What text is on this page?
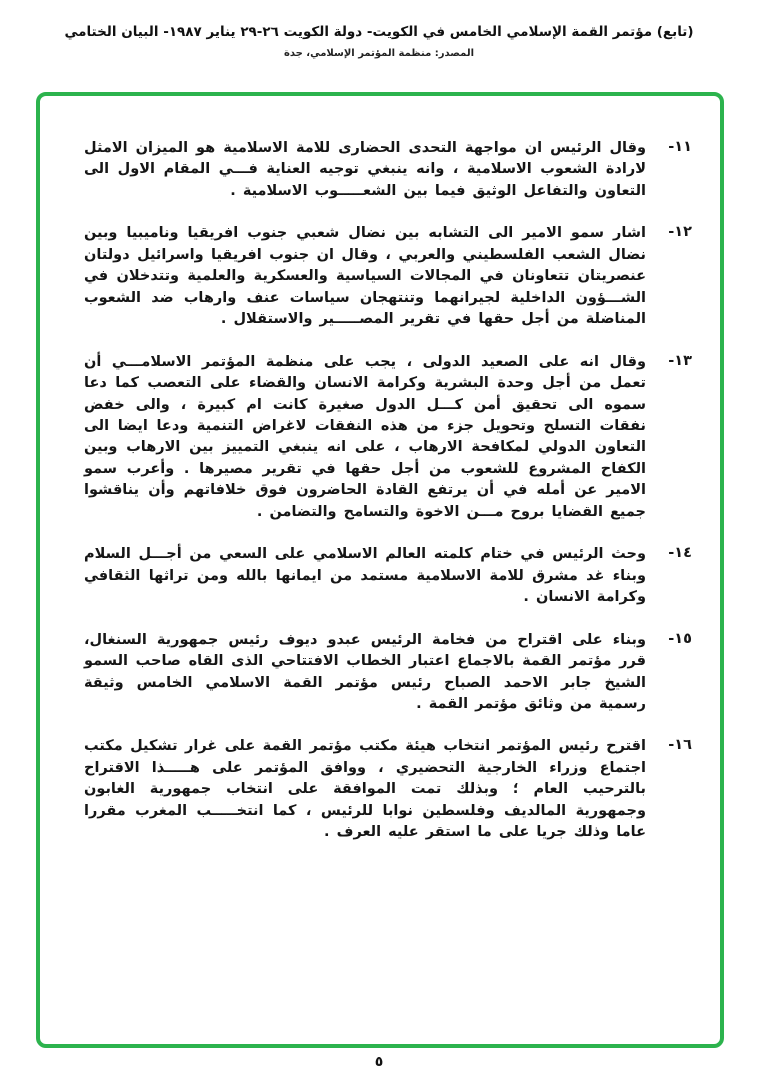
(تابع) مؤتمر القمة الإسلامي الخامس في الكويت- دولة الكويت ٢٦-٢٩ يناير ١٩٨٧- البيان الختامي
المصدر: منظمة المؤتمر الإسلامي، جدة
١١-
وقال الرئيس ان مواجهة التحدى الحضارى للامة الاسلامية هو الميزان الامثل لارادة الشعوب الاسلامية ، وانه ينبغي توجيه العناية فـــي المقام الاول الى التعاون والتفاعل الوثيق فيما بين الشعـــــوب الاسلامية .
١٢-
اشار سمو الامير الى التشابه بين نضال شعبي جنوب افريقيا وناميبيا وبين نضال الشعب الفلسطيني والعربي ، وقال ان جنوب افريقيا واسرائيل دولتان عنصريتان تتعاونان في المجالات السياسية والعسكرية والعلمية وتتدخلان في الشـــؤون الداخلية لجيرانهما وتنتهجان سياسات عنف وارهاب ضد الشعوب المناضلة من أجل حقها في تقرير المصـــــير والاستقلال .
١٣-
وقال انه على الصعيد الدولى ، يجب على منظمة المؤتمر الاسلامـــي أن تعمل من أجل وحدة البشرية وكرامة الانسان والقضاء على التعصب كما دعا سموه الى تحقيق أمن كـــل الدول صغيرة كانت ام كبيرة ، والى خفض نفقات التسلح وتحويل جزء من هذه النفقات لاغراض التنمية ودعا ايضا الى التعاون الدولي لمكافحة الارهاب ، على انه ينبغي التمييز بين الارهاب وبين الكفاح المشروع للشعوب من أجل حقها في تقرير مصيرها . وأعرب سمو الامير عن أمله في أن يرتفع القادة الحاضرون فوق خلافاتهم وأن يناقشوا جميع القضايا بروح مـــن الاخوة والتسامح والتضامن .
١٤-
وحث الرئيس في ختام كلمته العالم الاسلامي على السعي من أجـــل السلام وبناء غد مشرق للامة الاسلامية مستمد من ايمانها بالله ومن تراثها الثقافي وكرامة الانسان .
١٥-
وبناء على اقتراح من فخامة الرئيس عبدو ديوف رئيس جمهورية السنغال، قرر مؤتمر القمة بالاجماع اعتبار الخطاب الافتتاحي الذى القاه صاحب السمو الشيخ جابر الاحمد الصباح رئيس مؤتمر القمة الاسلامي الخامس وثيقة رسمية من وثائق مؤتمر القمة .
١٦-
اقترح رئيس المؤتمر انتخاب هيئة مكتب مؤتمر القمة على غرار تشكيل مكتب اجتماع وزراء الخارجية التحضيري ، ووافق المؤتمر على هـــــذا الاقتراح بالترحيب العام ؛ وبذلك تمت الموافقة على انتخاب جمهورية الغابون وجمهورية المالديف وفلسطين نوابا للرئيس ، كما انتخـــــب المغرب مقررا عاما وذلك جريا على ما استقر عليه العرف .
٥
